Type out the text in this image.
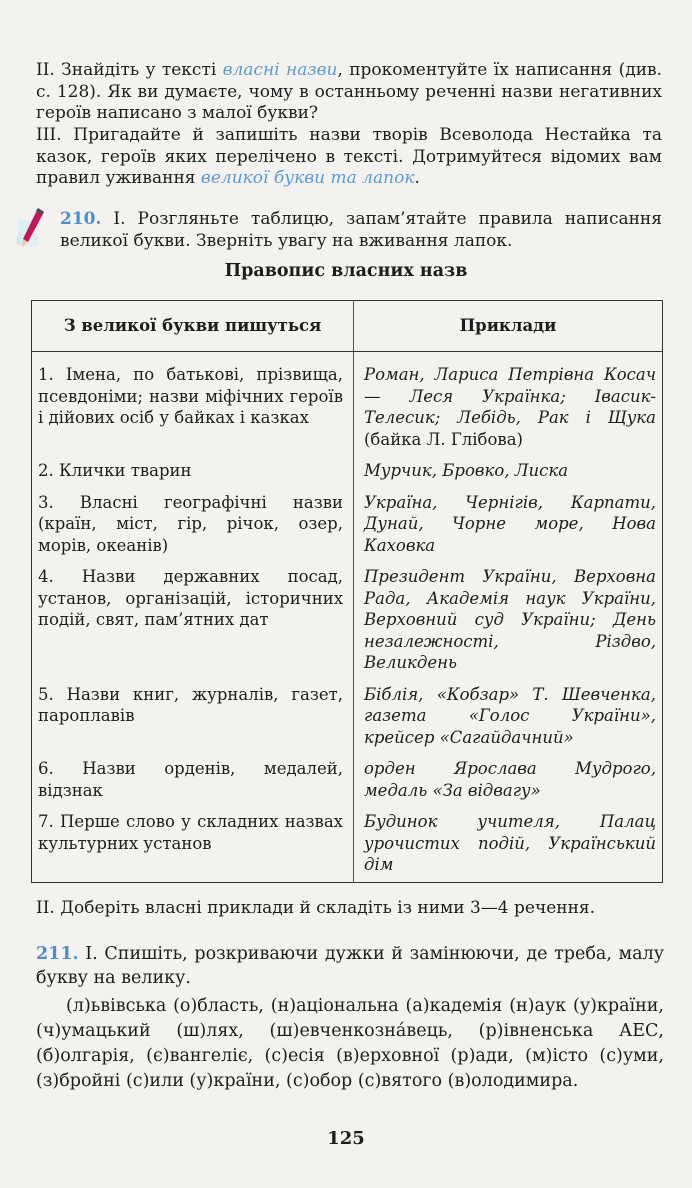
ІІ. Знайдіть у тексті власні назви, прокоментуйте їх написання (див. с. 128). Як ви думаєте, чому в останньому реченні назви негативних героїв написано з малої букви?
ІІІ. Пригадайте й запишіть назви творів Всеволода Нестайка та казок, героїв яких перелічено в тексті. Дотримуйтеся відомих вам правил уживання великої букви та лапок.
210. І. Розгляньте таблицю, запам’ятайте правила написання великої букви. Зверніть увагу на вживання лапок.
Правопис власних назв
З великої букви пишуться	Приклади
1. Імена, по батькові, прізвища, псевдоніми; назви міфічних героїв і дійових осіб у байках і казках	Роман, Лариса Петрівна Косач — Леся Українка; Івасик-Телесик; Лебідь, Рак і Щука (байка Л. Глібова)
2. Клички тварин	Мурчик, Бровко, Лиска
3. Власні географічні назви (країн, міст, гір, річок, озер, морів, океанів)	Україна, Чернігів, Карпати, Дунай, Чорне море, Нова Каховка
4. Назви державних посад, установ, організацій, історичних подій, свят, пам’ятних дат	Президент України, Верховна Рада, Академія наук України, Верховний суд України; День незалежності, Різдво, Великдень
5. Назви книг, журналів, газет, пароплавів	Біблія, «Кобзар» Т. Шевченка, газета «Голос України», крейсер «Сагайдачний»
6. Назви орденів, медалей, відзнак	орден Ярослава Мудрого, медаль «За відвагу»
7. Перше слово у складних назвах культурних установ	Будинок учителя, Палац урочистих подій, Український дім
ІІ. Доберіть власні приклади й складіть із ними 3—4 речення.
211. І. Спишіть, розкриваючи дужки й замінюючи, де треба, малу букву на велику.
(л)ьвівська (о)бласть, (н)аціональна (а)кадемія (н)аук (у)країни, (ч)умацький (ш)лях, (ш)евченкозна́вець, (р)івненська АЕС, (б)олгарія, (є)вангеліє, (с)есія (в)ерховної (р)ади, (м)істо (с)уми, (з)бройні (с)или (у)країни, (с)обор (с)вятого (в)олодимира.
125
